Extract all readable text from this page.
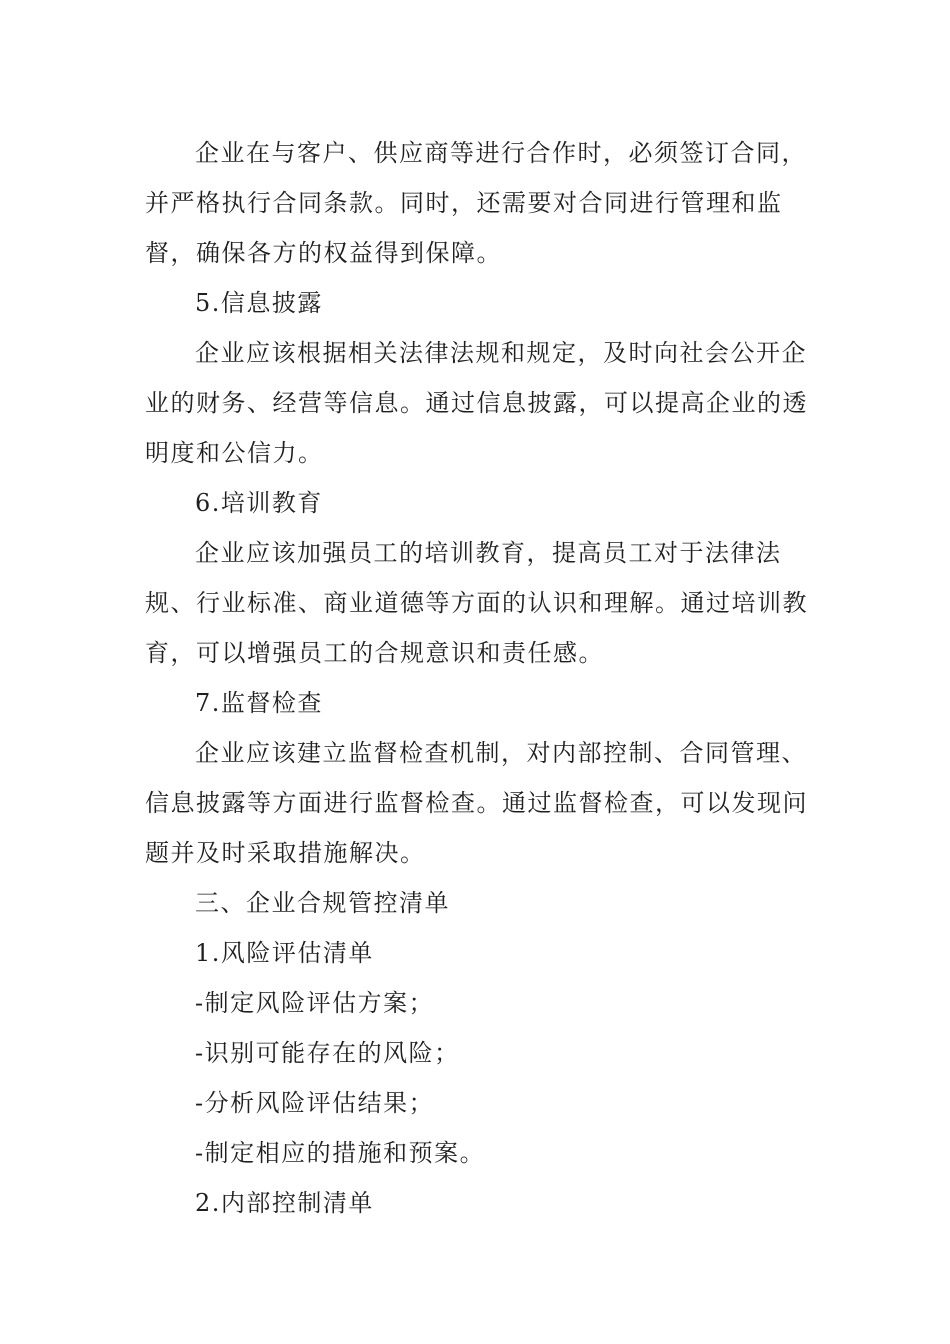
企业在与客户、供应商等进行合作时，必须签订合同，并严格执行合同条款。同时，还需要对合同进行管理和监督，确保各方的权益得到保障。

5.信息披露

企业应该根据相关法律法规和规定，及时向社会公开企业的财务、经营等信息。通过信息披露，可以提高企业的透明度和公信力。

6.培训教育

企业应该加强员工的培训教育，提高员工对于法律法规、行业标准、商业道德等方面的认识和理解。通过培训教育，可以增强员工的合规意识和责任感。

7.监督检查

企业应该建立监督检查机制，对内部控制、合同管理、信息披露等方面进行监督检查。通过监督检查，可以发现问题并及时采取措施解决。

三、企业合规管控清单

1.风险评估清单

-制定风险评估方案；

-识别可能存在的风险；

-分析风险评估结果；

-制定相应的措施和预案。

2.内部控制清单
